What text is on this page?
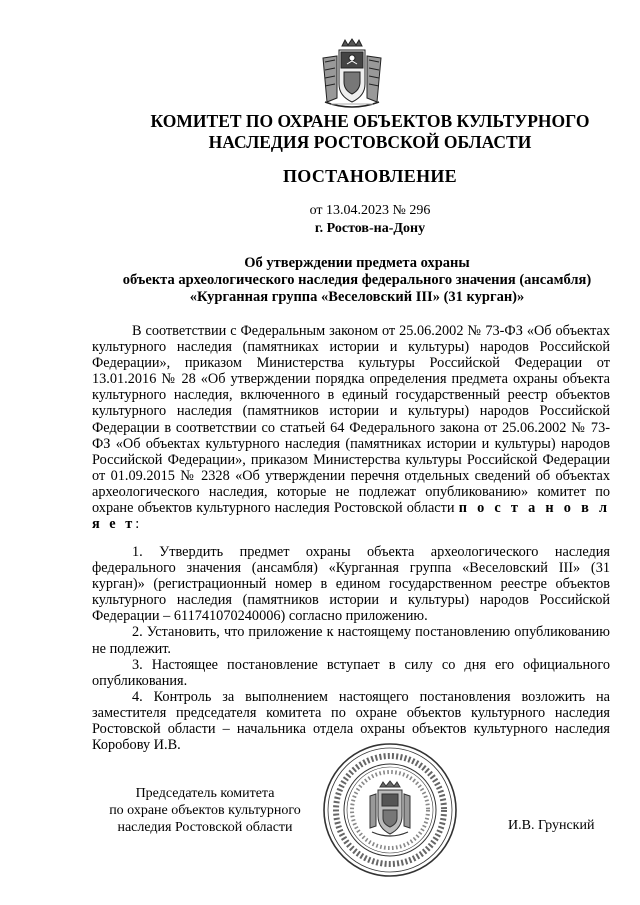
КОМИТЕТ ПО ОХРАНЕ ОБЪЕКТОВ КУЛЬТУРНОГО
НАСЛЕДИЯ РОСТОВСКОЙ ОБЛАСТИ
ПОСТАНОВЛЕНИЕ
от 13.04.2023 № 296
г. Ростов-на-Дону
Об утверждении предмета охраны
объекта археологического наследия федерального значения (ансамбля)
«Курганная группа «Веселовский III» (31 курган)»

В соответствии с Федеральным законом от 25.06.2002 № 73-ФЗ «Об объектах культурного наследия (памятниках истории и культуры) народов Российской Федерации», приказом Министерства культуры Российской Федерации от 13.01.2016 № 28 «Об утверждении порядка определения предмета охраны объекта культурного наследия, включенного в единый государственный реестр объектов культурного наследия (памятников истории и культуры) народов Российской Федерации в соответствии со статьей 64 Федерального закона от 25.06.2002 № 73-ФЗ «Об объектах культурного наследия (памятниках истории и культуры) народов Российской Федерации», приказом Министерства культуры Российской Федерации от 01.09.2015 № 2328 «Об утверждении перечня отдельных сведений об объектах археологического наследия, которые не подлежат опубликованию» комитет по охране объектов культурного наследия Ростовской области п о с т а н о в л я е т:

1. Утвердить предмет охраны объекта археологического наследия федерального значения (ансамбля) «Курганная группа «Веселовский III» (31 курган)» (регистрационный номер в едином государственном реестре объектов культурного наследия (памятников истории и культуры) народов Российской Федерации – 611741070240006) согласно приложению.

2. Установить, что приложение к настоящему постановлению опубликованию не подлежит.

3. Настоящее постановление вступает в силу со дня его официального опубликования.

4. Контроль за выполнением настоящего постановления возложить на заместителя председателя комитета по охране объектов культурного наследия Ростовской области – начальника отдела охраны объектов культурного наследия Коробову И.В.

Председатель комитета
по охране объектов культурного
наследия Ростовской области	И.В. Грунский
